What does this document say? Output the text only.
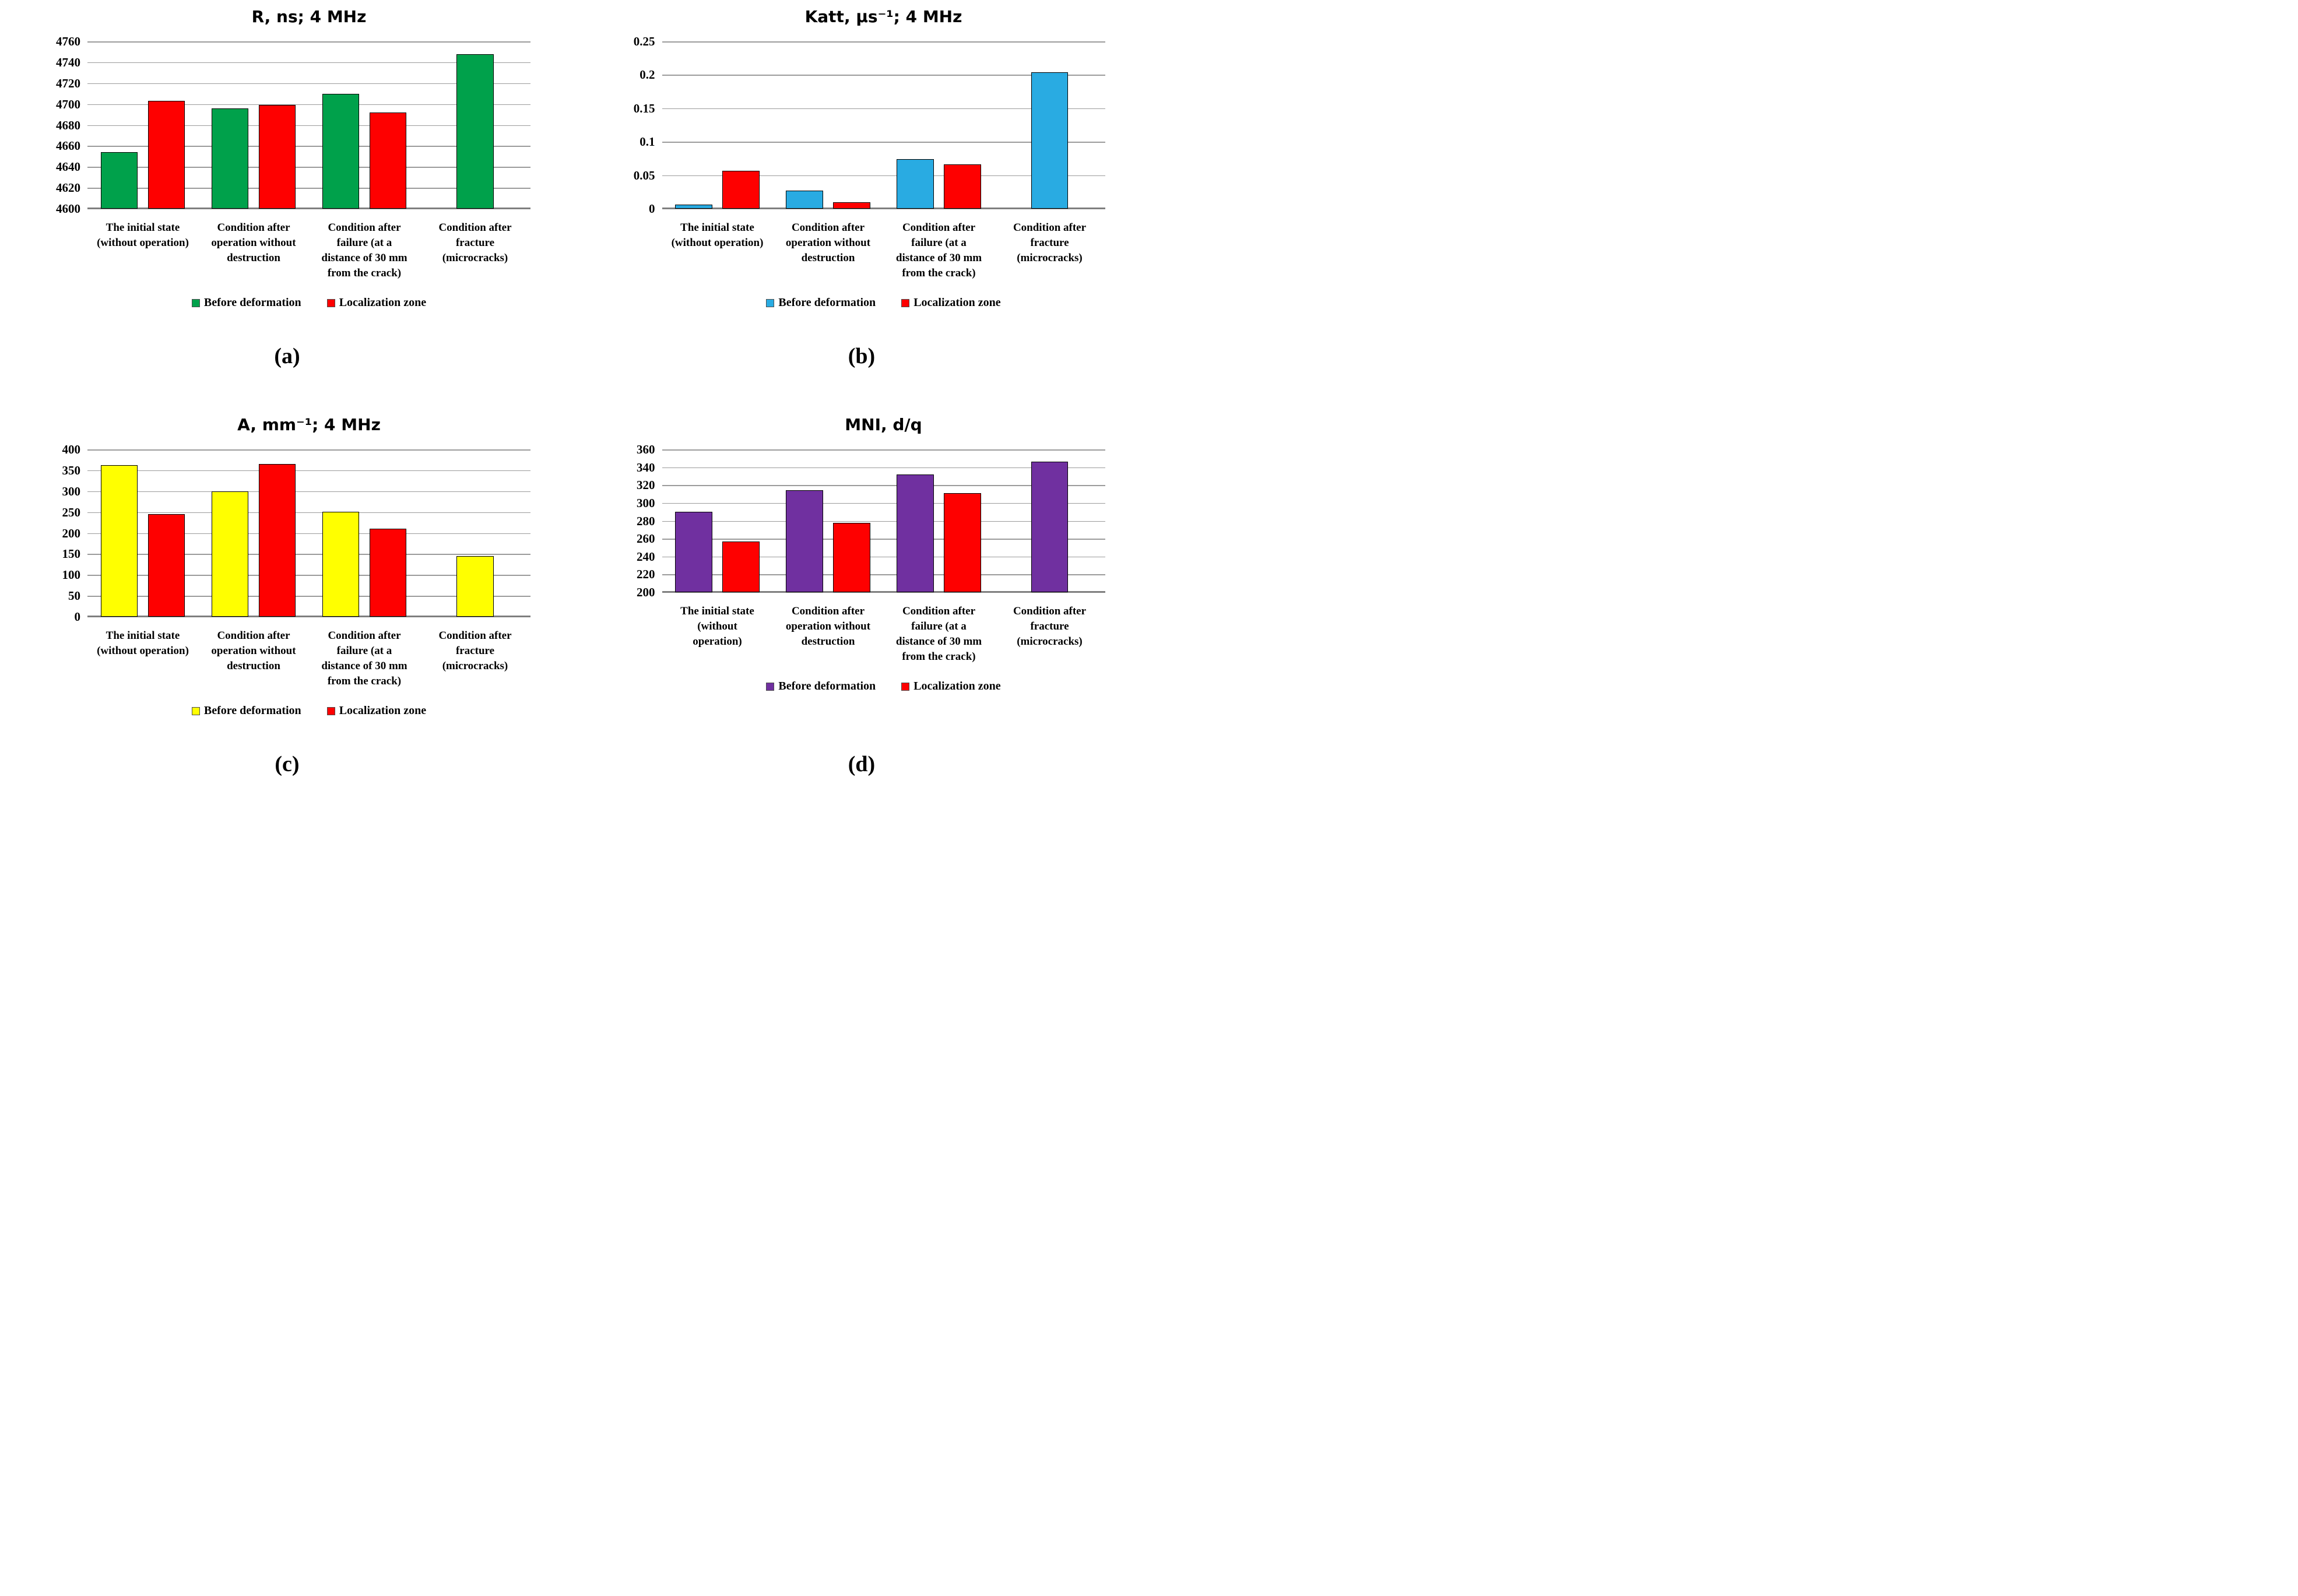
R, ns; 4 MHz
4760
4740
4720
4700
4680
4660
4640
4620
4600
The initial state
(without operation)
Condition after
operation without
destruction
Condition after
failure (at a
distance of 30 mm
from the crack)
Condition after
fracture
(microcracks)
Before deformation	Localization zone
(a)
Katt, μs⁻¹; 4 MHz
0.25
0.2
0.15
0.1
0.05
0
The initial state
(without operation)
Condition after
operation without
destruction
Condition after
failure (at a
distance of 30 mm
from the crack)
Condition after
fracture
(microcracks)
Before deformation	Localization zone
(b)
A, mm⁻¹; 4 MHz
400
350
300
250
200
150
100
50
0
The initial state
(without operation)
Condition after
operation without
destruction
Condition after
failure (at a
distance of 30 mm
from the crack)
Condition after
fracture
(microcracks)
Before deformation	Localization zone
(c)
MNI, d/q
360
340
320
300
280
260
240
220
200
The initial state
(without
operation)
Condition after
operation without
destruction
Condition after
failure (at a
distance of 30 mm
from the crack)
Condition after
fracture
(microcracks)
Before deformation	Localization zone
(d)
